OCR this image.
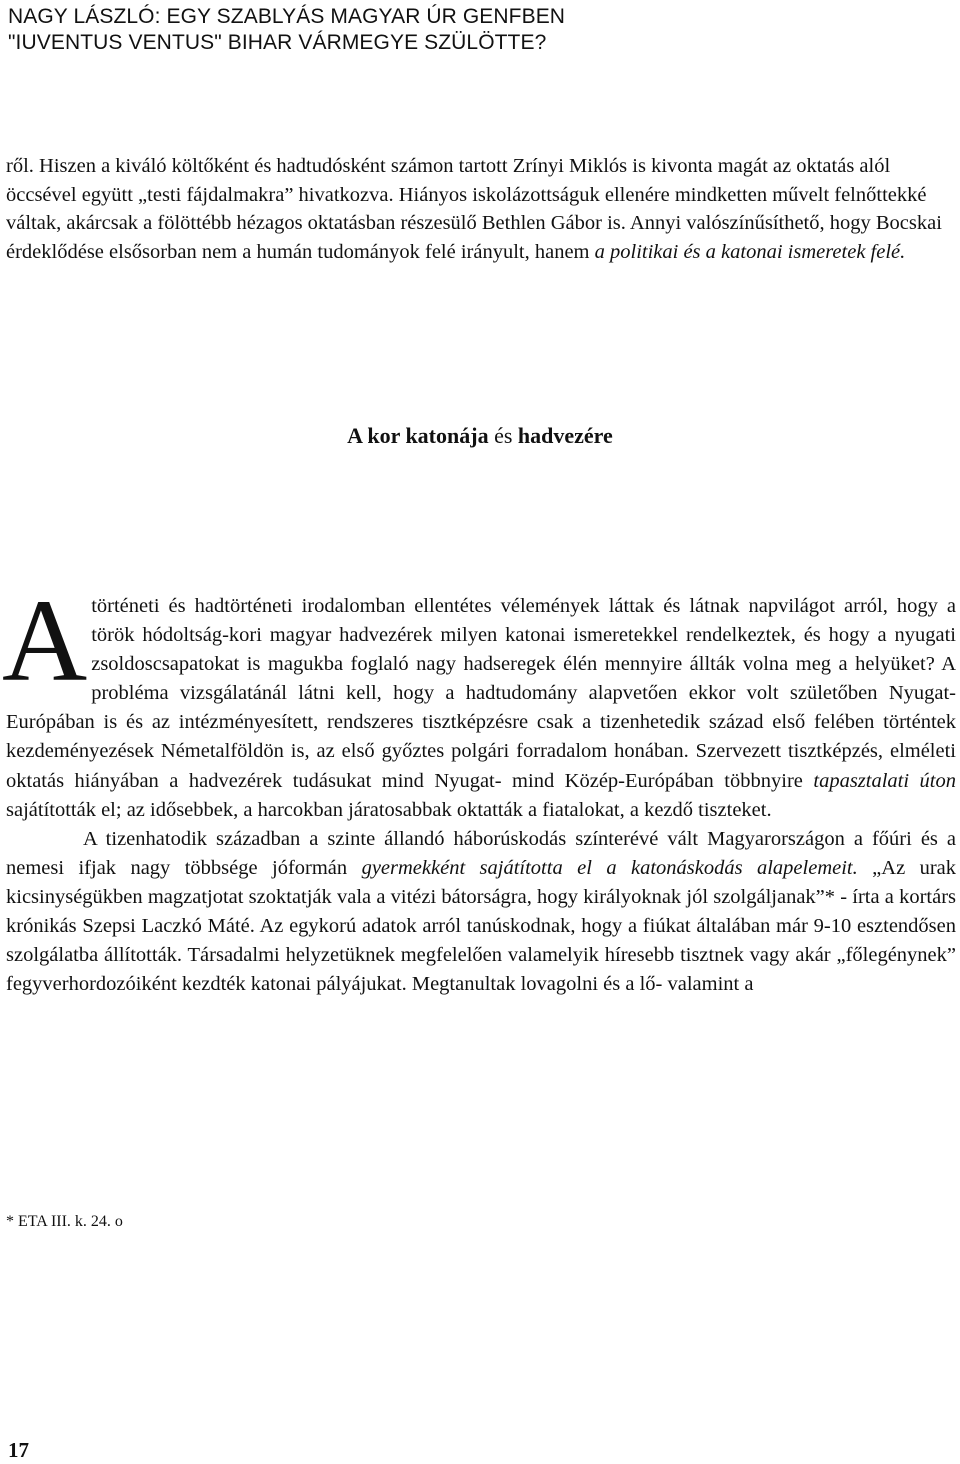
NAGY LÁSZLÓ: EGY SZABLYÁS MAGYAR ÚR GENFBEN
"IUVENTUS VENTUS" BIHAR VÁRMEGYE SZÜLÖTTE?

ről. Hiszen a kiváló költőként és hadtudósként számon tartott Zrínyi Miklós is kivonta magát az oktatás alól öccsével együtt „testi fájdalmakra” hivatkozva. Hiányos iskolázottságuk ellenére mindketten művelt felnőttekké váltak, akárcsak a fölöttébb hézagos oktatásban részesülő Bethlen Gábor is. Annyi valószínűsíthető, hogy Bocskai érdeklődése elsősorban nem a humán tudományok felé irányult, hanem a politikai és a katonai ismeretek felé.

A kor katonája és hadvezére

Atörténeti és hadtörténeti irodalomban ellentétes vélemények láttak és látnak napvilágot arról, hogy a török hódoltság-kori magyar hadvezérek milyen katonai ismeretekkel rendelkeztek, és hogy a nyugati zsoldoscsapatokat is magukba foglaló nagy hadseregek élén mennyire állták volna meg a helyüket? A probléma vizsgálatánál látni kell, hogy a hadtudomány alapvetően ekkor volt születőben Nyugat-Európában is és az intézményesített, rendszeres tisztképzésre csak a tizenhetedik század első felében történtek kezdeményezések Németalföldön is, az első győztes polgári forradalom honában. Szervezett tisztképzés, elméleti oktatás hiányában a hadvezérek tudásukat mind Nyugat- mind Közép-Európában többnyire tapasztalati úton sajátították el; az idősebbek, a harcokban járatosabbak oktatták a fiatalokat, a kezdő tiszteket.

A tizenhatodik században a szinte állandó háborúskodás színterévé vált Magyarországon a főúri és a nemesi ifjak nagy többsége jóformán gyermekként sajátította el a katonáskodás alapelemeit. „Az urak kicsinységükben magzatjotat szoktatják vala a vitézi bátorságra, hogy királyoknak jól szolgáljanak”* - írta a kortárs krónikás Szepsi Laczkó Máté. Az egykorú adatok arról tanúskodnak, hogy a fiúkat általában már 9-10 esztendősen szolgálatba állították. Társadalmi helyzetüknek megfelelően valamelyik híresebb tisztnek vagy akár „főlegénynek” fegyverhordozóiként kezdték katonai pályájukat. Megtanultak lovagolni és a lő- valamint a

* ETA III. k. 24. o
17
